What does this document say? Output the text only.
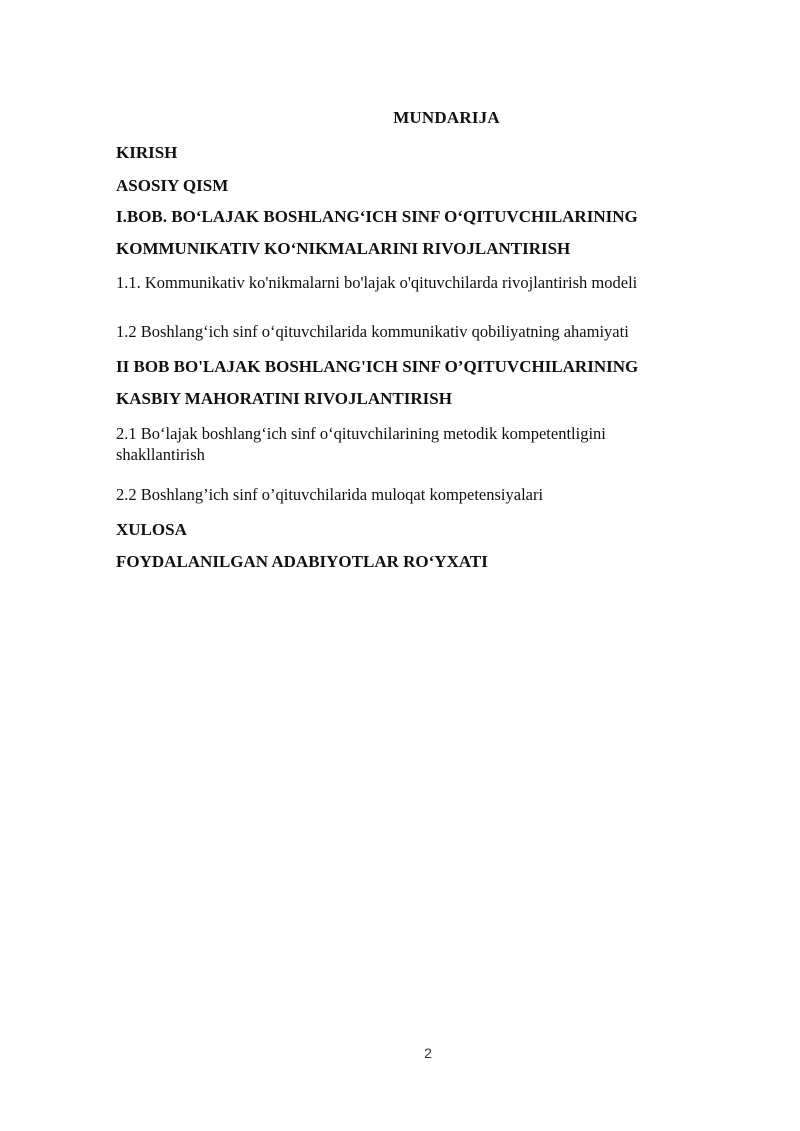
MUNDARIJA
KIRISH
ASOSIY QISM
I.BOB. BO‘LAJAK BOSHLANG‘ICH SINF O‘QITUVCHILARINING
KOMMUNIKATIV KO‘NIKMALARINI RIVOJLANTIRISH
1.1. Kommunikativ ko'nikmalarni bo'lajak o'qituvchilarda rivojlantirish modeli
1.2 Boshlang‘ich sinf o‘qituvchilarida kommunikativ qobiliyatning ahamiyati
II BOB BO'LAJAK BOSHLANG'ICH SINF O’QITUVCHILARINING
KASBIY MAHORATINI RIVOJLANTIRISH
2.1 Bo‘lajak boshlang‘ich sinf o‘qituvchilarining metodik kompetentligini shakllantirish
2.2 Boshlang’ich sinf o’qituvchilarida muloqat kompetensiyalari
XULOSA
FOYDALANILGAN ADABIYOTLAR RO‘YXATI
2
